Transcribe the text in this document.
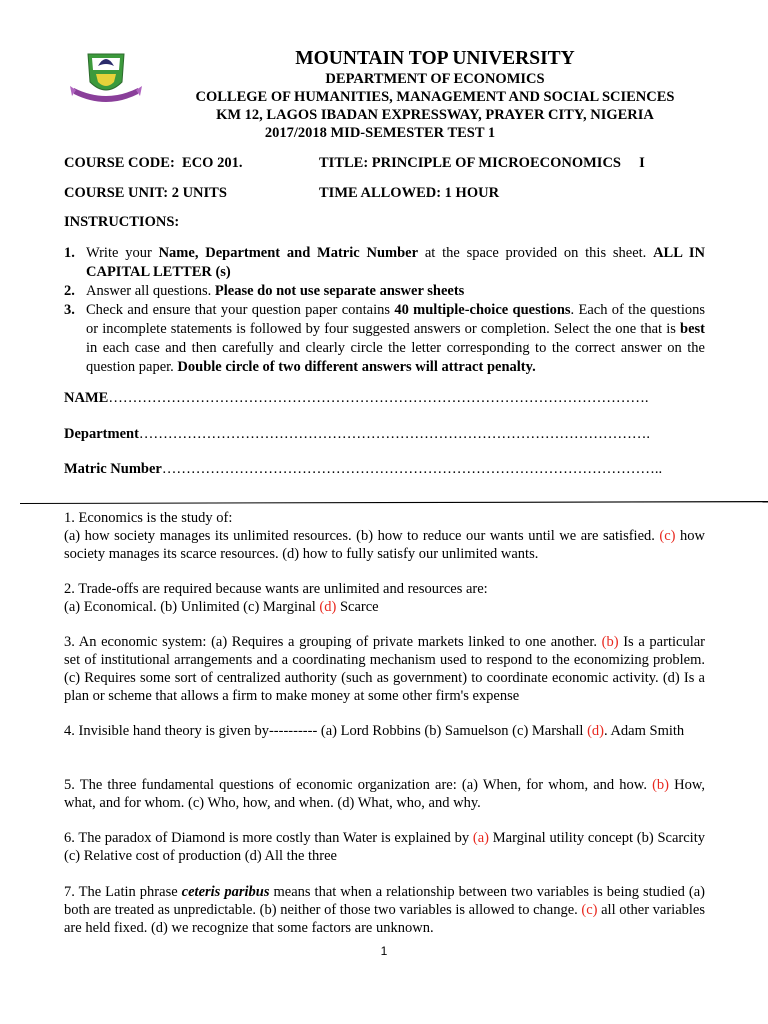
MOUNTAIN TOP UNIVERSITY
DEPARTMENT OF ECONOMICS
COLLEGE OF HUMANITIES, MANAGEMENT AND SOCIAL SCIENCES
KM 12, LAGOS IBADAN EXPRESSWAY, PRAYER CITY, NIGERIA
2017/2018 MID-SEMESTER TEST 1
COURSE CODE: ECO 201.	TITLE: PRINCIPLE OF MICROECONOMICS I
COURSE UNIT: 2 UNITS	TIME ALLOWED: 1 HOUR
INSTRUCTIONS:
1. Write your Name, Department and Matric Number at the space provided on this sheet. ALL IN CAPITAL LETTER (s)
2. Answer all questions. Please do not use separate answer sheets
3. Check and ensure that your question paper contains 40 multiple-choice questions. Each of the questions or incomplete statements is followed by four suggested answers or completion. Select the one that is best in each case and then carefully and clearly circle the letter corresponding to the correct answer on the question paper. Double circle of two different answers will attract penalty.
NAME………………………………………………………………………………………………….
Department…………………………………………………………………………………………….
Matric Number…………………………………………………………………………………………..
1. Economics is the study of:
(a) how society manages its unlimited resources. (b) how to reduce our wants until we are satisfied. (c) how society manages its scarce resources. (d) how to fully satisfy our unlimited wants.
2. Trade-offs are required because wants are unlimited and resources are:
(a) Economical. (b) Unlimited (c) Marginal (d) Scarce
3. An economic system: (a) Requires a grouping of private markets linked to one another. (b) Is a particular set of institutional arrangements and a coordinating mechanism used to respond to the economizing problem. (c) Requires some sort of centralized authority (such as government) to coordinate economic activity. (d) Is a plan or scheme that allows a firm to make money at some other firm's expense
4. Invisible hand theory is given by---------- (a) Lord Robbins (b) Samuelson (c) Marshall (d). Adam Smith
5. The three fundamental questions of economic organization are: (a) When, for whom, and how. (b) How, what, and for whom. (c) Who, how, and when. (d) What, who, and why.
6. The paradox of Diamond is more costly than Water is explained by (a) Marginal utility concept (b) Scarcity (c) Relative cost of production (d) All the three
7. The Latin phrase ceteris paribus means that when a relationship between two variables is being studied (a) both are treated as unpredictable. (b) neither of those two variables is allowed to change. (c) all other variables are held fixed. (d) we recognize that some factors are unknown.
1
